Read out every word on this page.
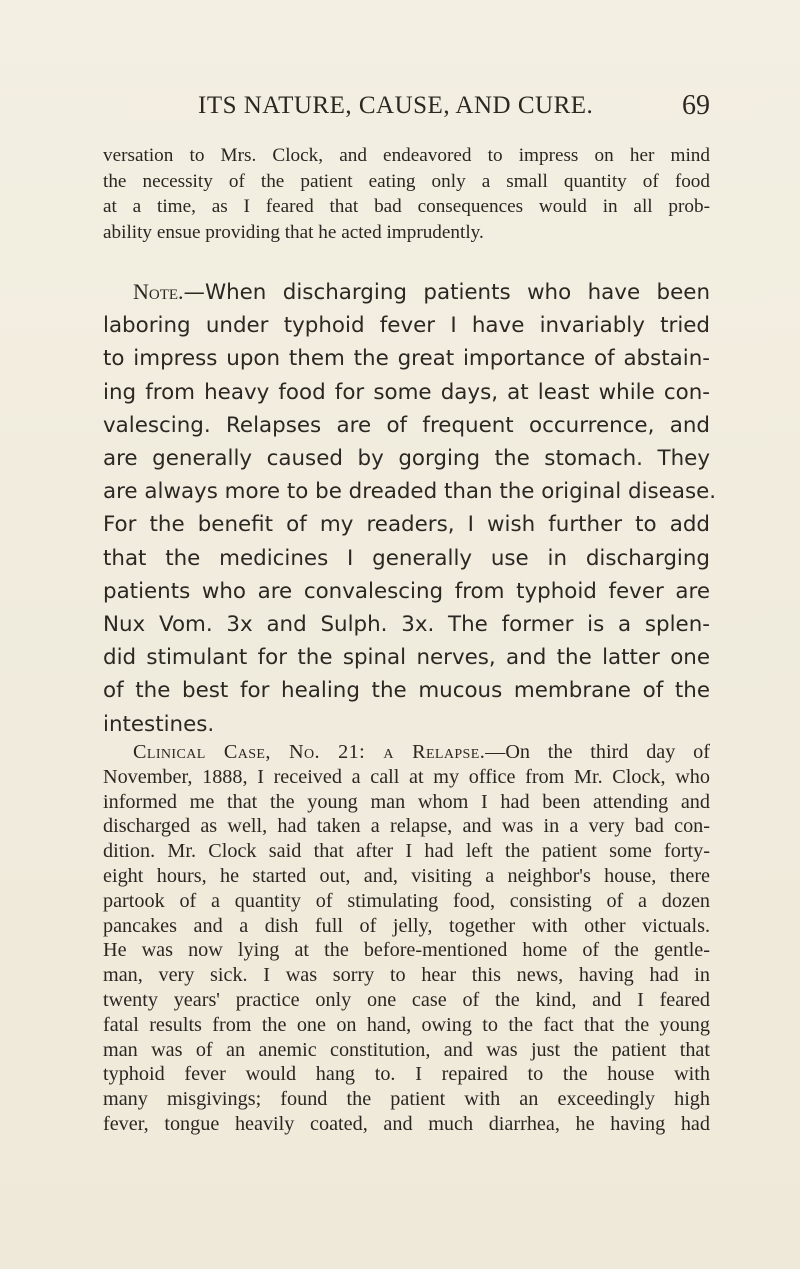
ITS NATURE, CAUSE, AND CURE.	69
versation to Mrs. Clock, and endeavored to impress on her mind
the necessity of the patient eating only a small quantity of food
at a time, as I feared that bad consequences would in all prob-
ability ensue providing that he acted imprudently.
Note.—When discharging patients who have been
laboring under typhoid fever I have invariably tried
to impress upon them the great importance of abstain-
ing from heavy food for some days, at least while con-
valescing. Relapses are of frequent occurrence, and
are generally caused by gorging the stomach. They
are always more to be dreaded than the original disease.
For the benefit of my readers, I wish further to add
that the medicines I generally use in discharging
patients who are convalescing from typhoid fever are
Nux Vom. 3x and Sulph. 3x. The former is a splen-
did stimulant for the spinal nerves, and the latter one
of the best for healing the mucous membrane of the
intestines.
Clinical Case, No. 21: a Relapse.—On the third day of
November, 1888, I received a call at my office from Mr. Clock, who
informed me that the young man whom I had been attending and
discharged as well, had taken a relapse, and was in a very bad con-
dition. Mr. Clock said that after I had left the patient some forty-
eight hours, he started out, and, visiting a neighbor's house, there
partook of a quantity of stimulating food, consisting of a dozen
pancakes and a dish full of jelly, together with other victuals.
He was now lying at the before-mentioned home of the gentle-
man, very sick. I was sorry to hear this news, having had in
twenty years' practice only one case of the kind, and I feared
fatal results from the one on hand, owing to the fact that the young
man was of an anemic constitution, and was just the patient that
typhoid fever would hang to. I repaired to the house with
many misgivings; found the patient with an exceedingly high
fever, tongue heavily coated, and much diarrhea, he having had
